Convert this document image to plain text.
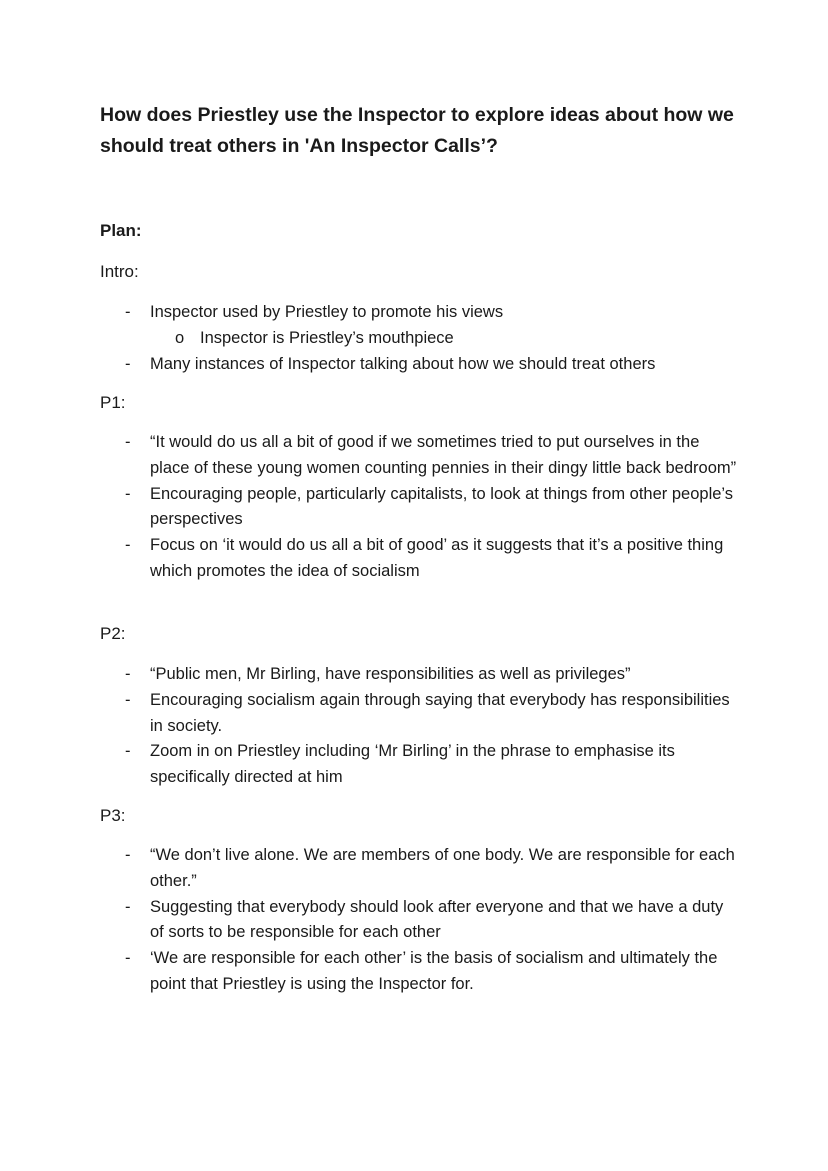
How does Priestley use the Inspector to explore ideas about how we should treat others in 'An Inspector Calls’?
Plan:
Intro:
-	Inspector used by Priestley to promote his views
o Inspector is Priestley’s mouthpiece
-	Many instances of Inspector talking about how we should treat others
P1:
-	“It would do us all a bit of good if we sometimes tried to put ourselves in the place of these young women counting pennies in their dingy little back bedroom”
-	Encouraging people, particularly capitalists, to look at things from other people’s perspectives
-	Focus on ‘it would do us all a bit of good’ as it suggests that it’s a positive thing which promotes the idea of socialism
P2:
-	“Public men, Mr Birling, have responsibilities as well as privileges”
-	Encouraging socialism again through saying that everybody has responsibilities in society.
-	Zoom in on Priestley including ‘Mr Birling’ in the phrase to emphasise its specifically directed at him
P3:
-	“We don’t live alone. We are members of one body. We are responsible for each other.”
-	Suggesting that everybody should look after everyone and that we have a duty of sorts to be responsible for each other
-	‘We are responsible for each other’ is the basis of socialism and ultimately the point that Priestley is using the Inspector for.
